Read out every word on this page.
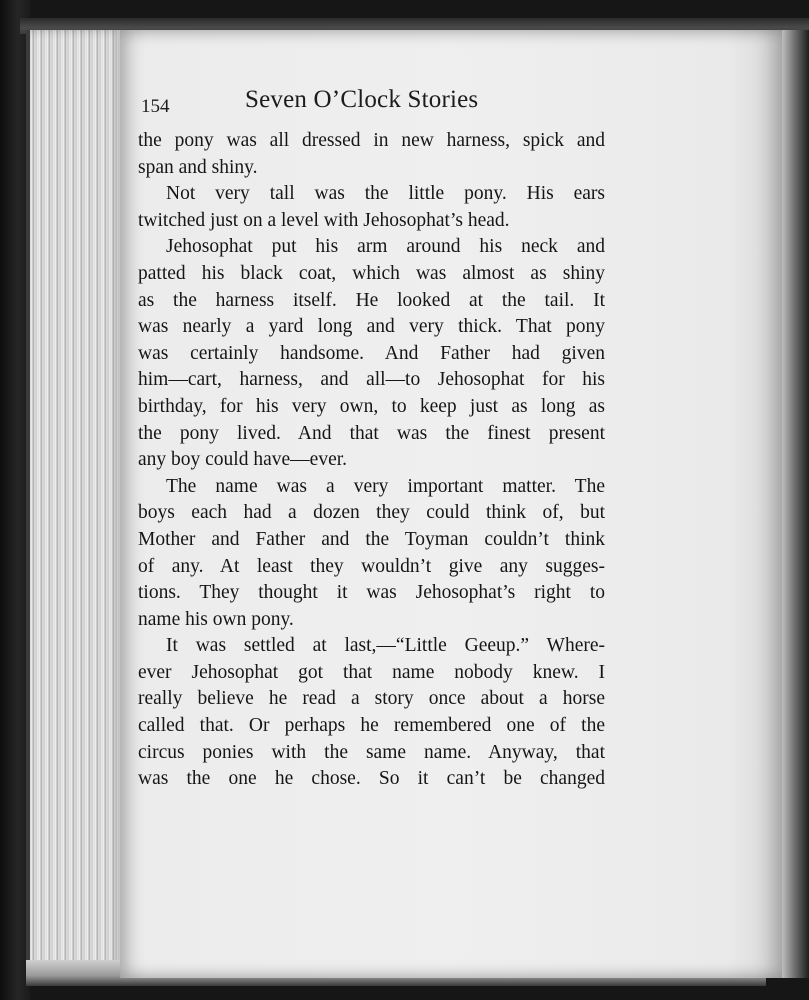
154	Seven O’Clock Stories
the pony was all dressed in new harness, spick and
span and shiny.
Not very tall was the little pony. His ears
twitched just on a level with Jehosophat’s head.
Jehosophat put his arm around his neck and
patted his black coat, which was almost as shiny
as the harness itself. He looked at the tail. It
was nearly a yard long and very thick. That pony
was certainly handsome. And Father had given
him—cart, harness, and all—to Jehosophat for his
birthday, for his very own, to keep just as long as
the pony lived. And that was the finest present
any boy could have—ever.
The name was a very important matter. The
boys each had a dozen they could think of, but
Mother and Father and the Toyman couldn’t think
of any. At least they wouldn’t give any sugges-
tions. They thought it was Jehosophat’s right to
name his own pony.
It was settled at last,—“Little Geeup.” Where-
ever Jehosophat got that name nobody knew. I
really believe he read a story once about a horse
called that. Or perhaps he remembered one of the
circus ponies with the same name. Anyway, that
was the one he chose. So it can’t be changed
